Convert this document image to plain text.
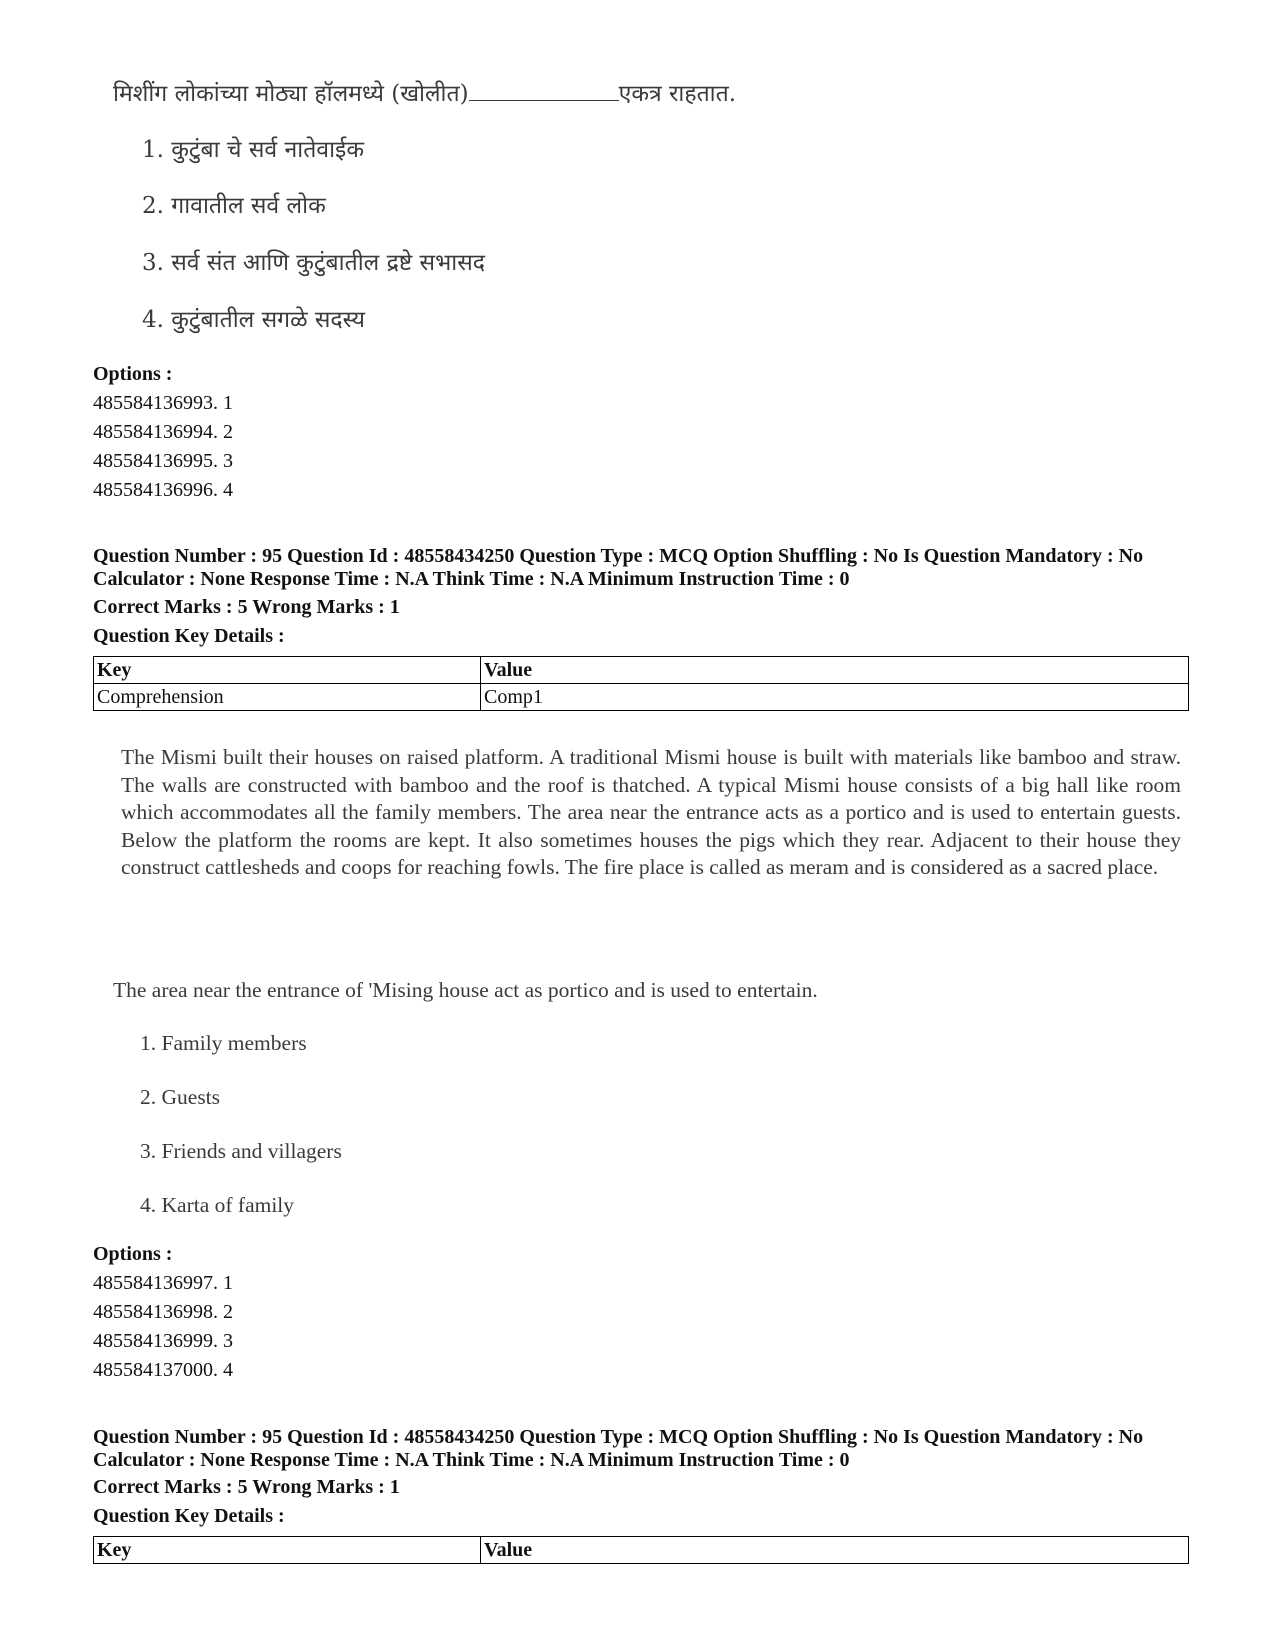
मिशींग लोकांच्या मोठ्या हॉलमध्ये (खोलीत)	एकत्र राहतात.
1. कुटुंबा चे सर्व नातेवाईक
2. गावातील सर्व लोक
3. सर्व संत आणि कुटुंबातील द्रष्टे सभासद
4. कुटुंबातील सगळे सदस्य
Options :
485584136993. 1
485584136994. 2
485584136995. 3
485584136996. 4
Question Number : 95 Question Id : 48558434250 Question Type : MCQ Option Shuffling : No Is Question Mandatory : No Calculator : None Response Time : N.A Think Time : N.A Minimum Instruction Time : 0
Correct Marks : 5 Wrong Marks : 1
Question Key Details :
Key	Value
Comprehension	Comp1
The Mismi built their houses on raised platform. A traditional Mismi house is built with materials like bamboo and straw. The walls are constructed with bamboo and the roof is thatched. A typical Mismi house consists of a big hall like room which accommodates all the family members. The area near the entrance acts as a portico and is used to entertain guests. Below the platform the rooms are kept. It also sometimes houses the pigs which they rear. Adjacent to their house they construct cattlesheds and coops for reaching fowls. The fire place is called as meram and is considered as a sacred place.
The area near the entrance of 'Mising house act as portico and is used to entertain.
1. Family members
2. Guests
3. Friends and villagers
4. Karta of family
Options :
485584136997. 1
485584136998. 2
485584136999. 3
485584137000. 4
Question Number : 95 Question Id : 48558434250 Question Type : MCQ Option Shuffling : No Is Question Mandatory : No Calculator : None Response Time : N.A Think Time : N.A Minimum Instruction Time : 0
Correct Marks : 5 Wrong Marks : 1
Question Key Details :
Key	Value
